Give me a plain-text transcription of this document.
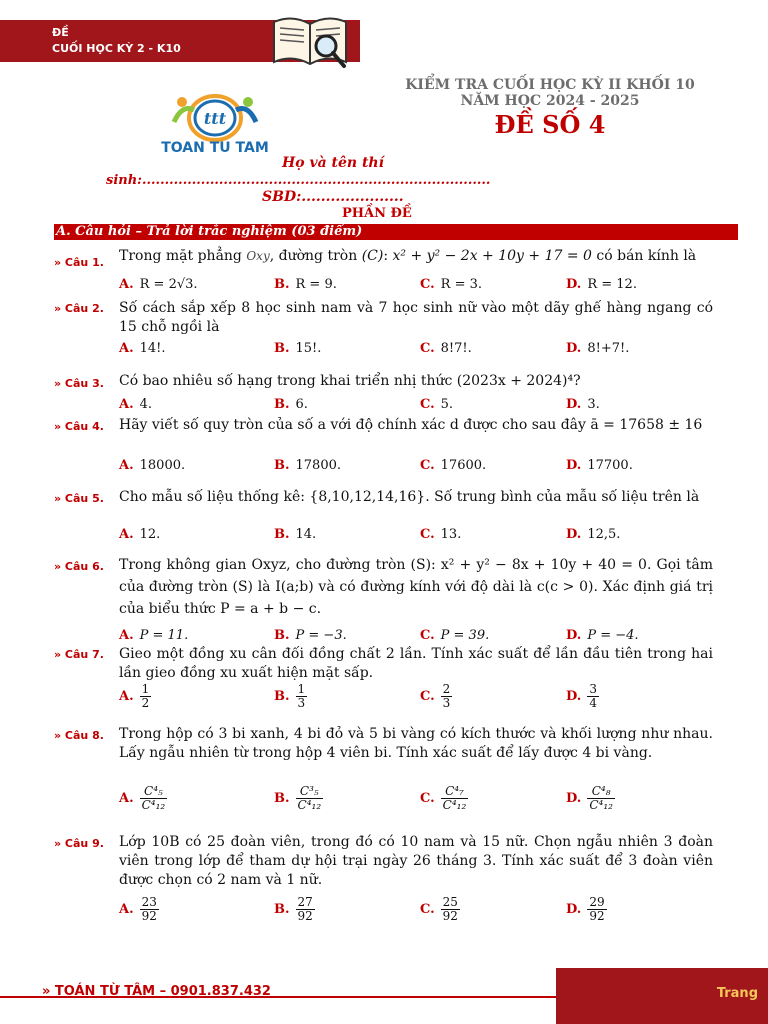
ĐỀ
CUỐI HỌC KỲ 2 - K10
ttt
TOAN TU TAM
KIỂM TRA CUỐI HỌC KỲ II KHỐI 10
NĂM HỌC 2024 - 2025
ĐỀ SỐ 4
Họ và tên thí
sinh:.............................................................................
SBD:.....................
PHẦN ĐỀ
A. Câu hỏi – Trả lời trắc nghiệm (03 điểm)
» Câu 1. Trong mặt phẳng Oxy, đường tròn (C): x² + y² − 2x + 10y + 17 = 0 có bán kính là
A. R = 2√3.	B. R = 9.	C. R = 3.	D. R = 12.
» Câu 2. Số cách sắp xếp 8 học sinh nam và 7 học sinh nữ vào một dãy ghế hàng ngang có 15 chỗ ngồi là
A. 14!.	B. 15!.	C. 8!7!.	D. 8!+7!.
» Câu 3. Có bao nhiêu số hạng trong khai triển nhị thức (2023x + 2024)⁴?
A. 4.	B. 6.	C. 5.	D. 3.
» Câu 4. Hãy viết số quy tròn của số a với độ chính xác d được cho sau đây ā = 17658 ± 16
A. 18000.	B. 17800.	C. 17600.	D. 17700.
» Câu 5. Cho mẫu số liệu thống kê: {8,10,12,14,16}. Số trung bình của mẫu số liệu trên là
A. 12.	B. 14.	C. 13.	D. 12,5.
» Câu 6. Trong không gian Oxyz, cho đường tròn (S): x² + y² − 8x + 10y + 40 = 0. Gọi tâm của đường tròn (S) là I(a;b) và có đường kính với độ dài là c(c > 0). Xác định giá trị của biểu thức P = a + b − c.
A. P = 11.	B. P = −3.	C. P = 39.	D. P = −4.
» Câu 7. Gieo một đồng xu cân đối đồng chất 2 lần. Tính xác suất để lần đầu tiên trong hai lần gieo đồng xu xuất hiện mặt sấp.
A. $\frac{1}{2}$	B. $\frac{1}{3}$	C. $\frac{2}{3}$	D. $\frac{3}{4}$
» Câu 8. Trong hộp có 3 bi xanh, 4 bi đỏ và 5 bi vàng có kích thước và khối lượng như nhau. Lấy ngẫu nhiên từ trong hộp 4 viên bi. Tính xác suất để lấy được 4 bi vàng.
A. $\frac{\text{C⁴₅}}{\text{C⁴₁₂}}$	B. $\frac{\text{C³₅}}{\text{C⁴₁₂}}$	C. $\frac{\text{C⁴₇}}{\text{C⁴₁₂}}$	D. $\frac{\text{C⁴₈}}{\text{C⁴₁₂}}$
» Câu 9. Lớp 10B có 25 đoàn viên, trong đó có 10 nam và 15 nữ. Chọn ngẫu nhiên 3 đoàn viên trong lớp để tham dự hội trại ngày 26 tháng 3. Tính xác suất để 3 đoàn viên được chọn có 2 nam và 1 nữ.
A. $\frac{23}{92}$	B. $\frac{27}{92}$	C. $\frac{25}{92}$	D. $\frac{29}{92}$
» TOÁN TỪ TÂM – 0901.837.432	Trang
